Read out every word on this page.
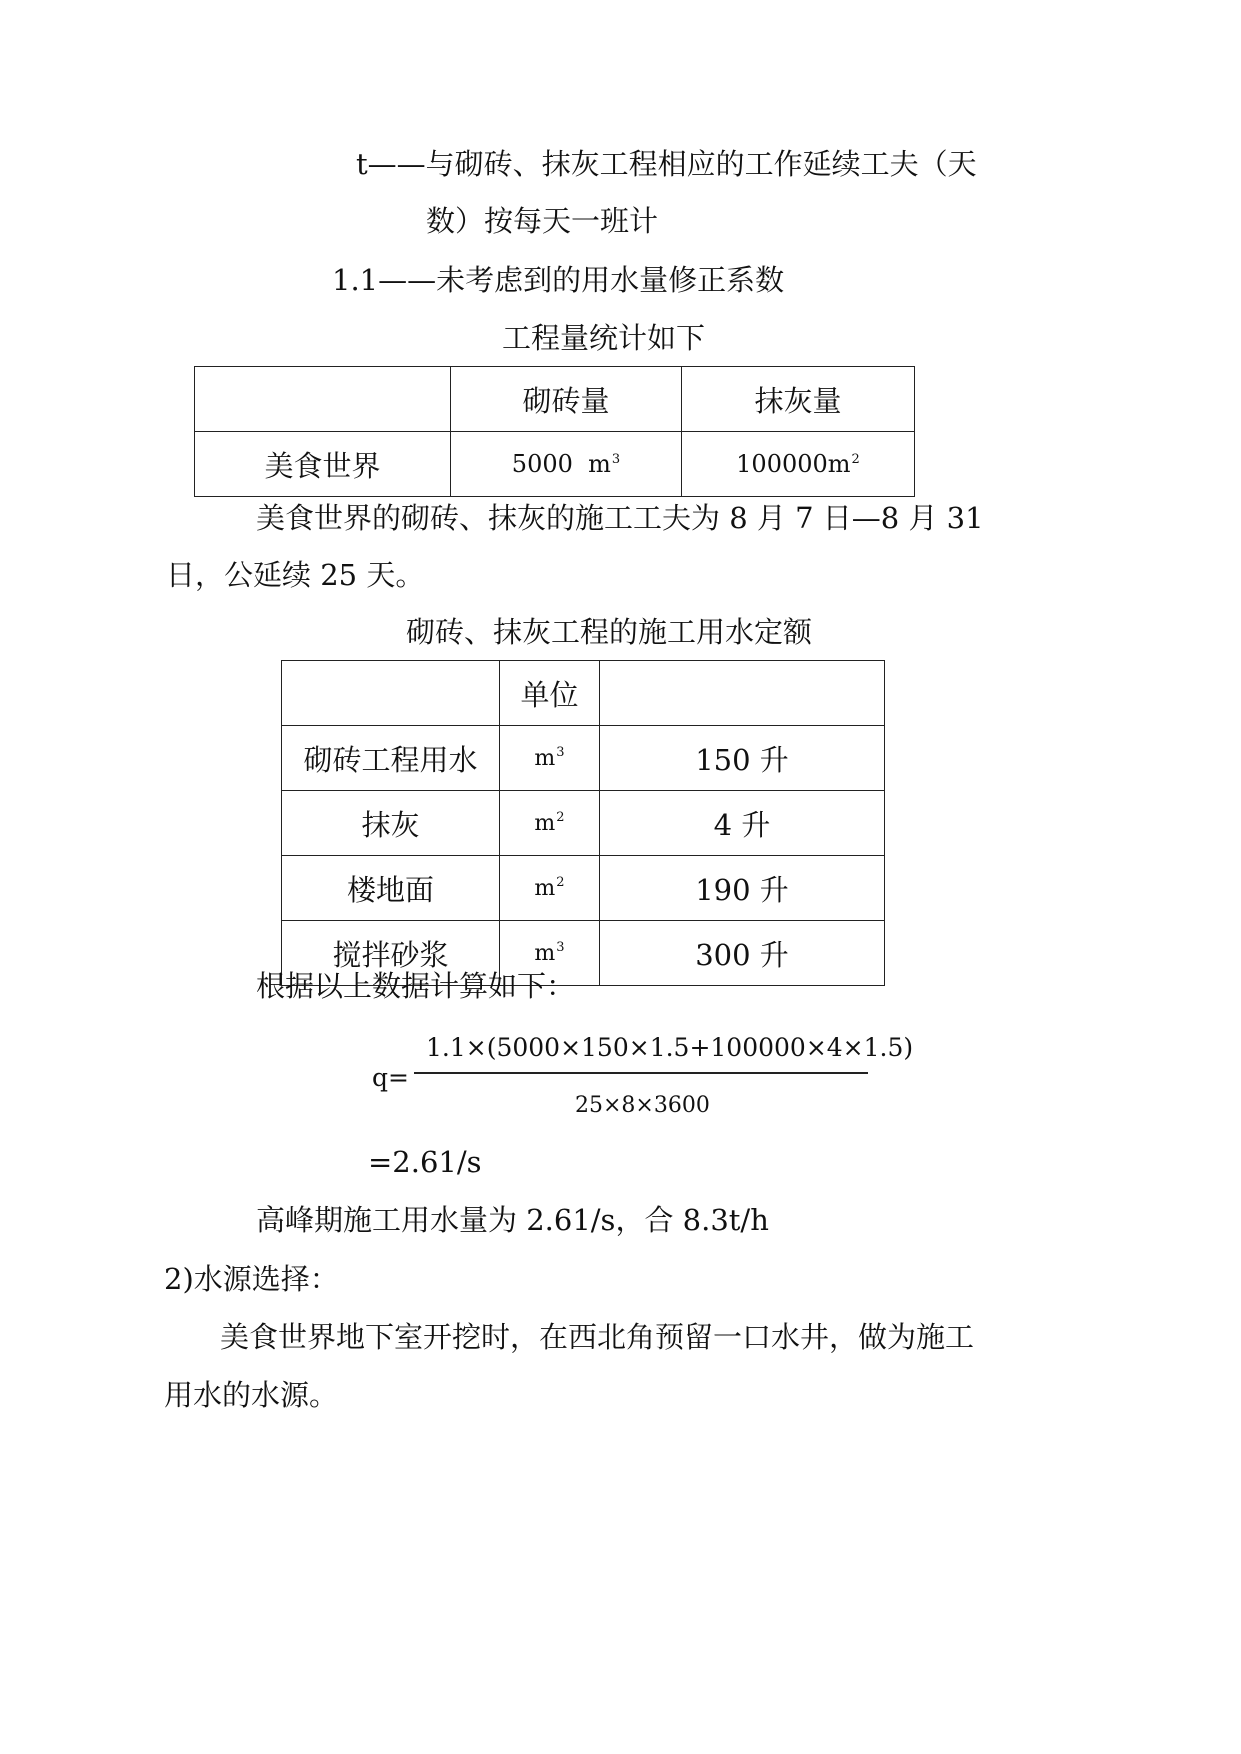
t——与砌砖、抹灰工程相应的工作延续工夫（天
数）按每天一班计
1.1——未考虑到的用水量修正系数
工程量统计如下
	砌砖量	抹灰量
美食世界	5000 $m^3$	$100000m^2$
美食世界的砌砖、抹灰的施工工夫为 8 月 7 日—8 月 31
日，公延续 25 天。
砌砖、抹灰工程的施工用水定额
	单位	
砌砖工程用水	$m^3$	150 升
抹灰	$m^2$	4 升
楼地面	$m^2$	190 升
搅拌砂浆	$m^3$	300 升
根据以上数据计算如下：
q=
1.1×(5000×150×1.5+100000×4×1.5)
25×8×3600
=2.61/s
高峰期施工用水量为 2.61/s，合 8.3t/h
2)水源选择：
美食世界地下室开挖时，在西北角预留一口水井，做为施工
用水的水源。
